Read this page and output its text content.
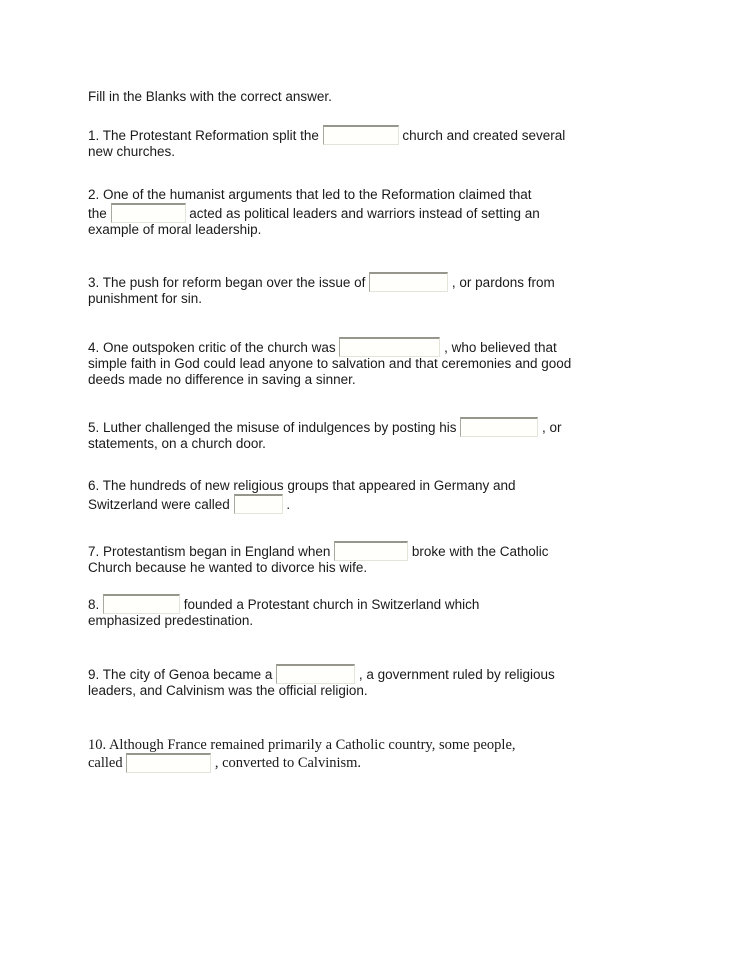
Fill in the Blanks with the correct answer.

1. The Protestant Reformation split the	church and created several
new churches.

2. One of the humanist arguments that led to the Reformation claimed that
the	acted as political leaders and warriors instead of setting an
example of moral leadership.

3. The push for reform began over the issue of	, or pardons from
punishment for sin.

4. One outspoken critic of the church was	, who believed that
simple faith in God could lead anyone to salvation and that ceremonies and good
deeds made no difference in saving a sinner.

5. Luther challenged the misuse of indulgences by posting his	, or
statements, on a church door.

6. The hundreds of new religious groups that appeared in Germany and
Switzerland were called	.

7. Protestantism began in England when	broke with the Catholic
Church because he wanted to divorce his wife.

8.	founded a Protestant church in Switzerland which
emphasized predestination.

9. The city of Genoa became a	, a government ruled by religious
leaders, and Calvinism was the official religion.

10. Although France remained primarily a Catholic country, some people,
called	, converted to Calvinism.
